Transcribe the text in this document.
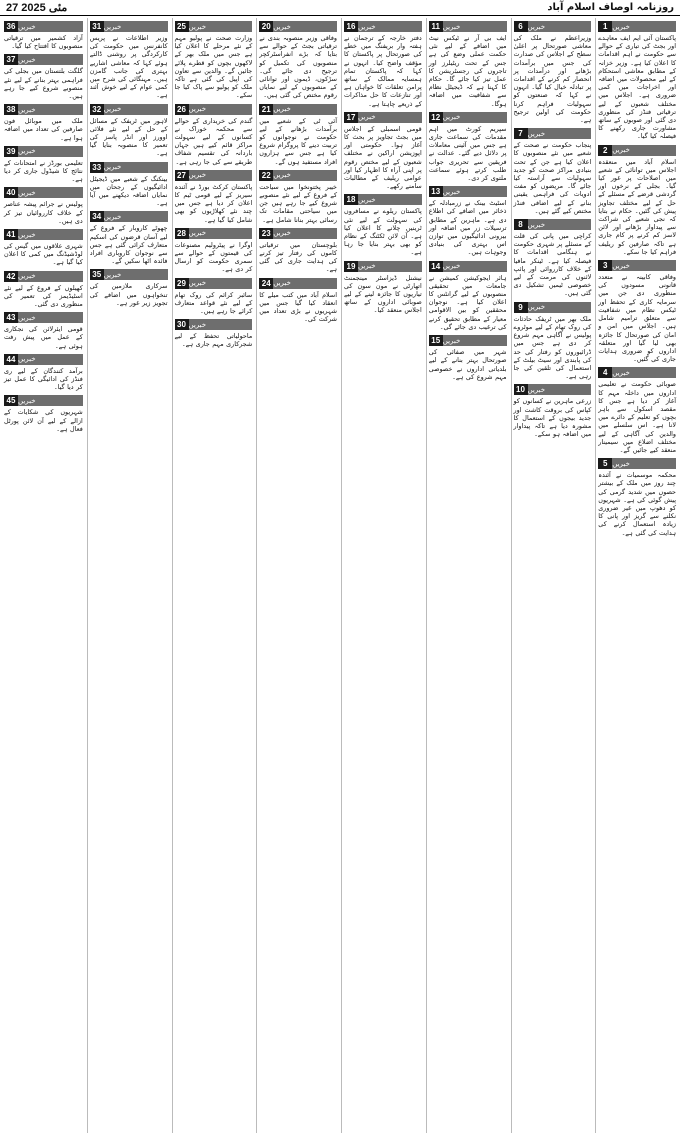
روزنامہ اوصاف اسلام آباد
27 مئی 2025
1 خبریں
پاکستان آئی ایم ایف معاہدے اور بجٹ کی تیاری کے حوالے سے حکومت نے اہم اقدامات کا اعلان کیا ہے۔ وزیر خزانہ کے مطابق معاشی استحکام کے لیے محصولات میں اضافہ اور اخراجات میں کمی ضروری ہے۔ اجلاس میں مختلف شعبوں کے لیے ترقیاتی فنڈز کی منظوری دی گئی اور صوبوں کے ساتھ مشاورت جاری رکھنے کا فیصلہ کیا گیا۔
2 خبریں
اسلام آباد میں منعقدہ اجلاس میں توانائی کے شعبے میں اصلاحات پر غور کیا گیا۔ بجلی کے نرخوں اور گردشی قرضے کے مسئلے کے حل کے لیے مختلف تجاویز پیش کی گئیں۔ حکام نے بتایا کہ نجی شعبے کی شراکت سے پیداوار بڑھانے اور لائن لاسز کم کرنے پر کام جاری ہے تاکہ صارفین کو ریلیف فراہم کیا جا سکے۔
3 خبریں
وفاقی کابینہ نے متعدد قانونی مسودوں کی منظوری دی جن میں سرمایہ کاری کے تحفظ اور ٹیکس نظام میں شفافیت سے متعلق ترامیم شامل ہیں۔ اجلاس میں امن و امان کی صورتحال کا جائزہ بھی لیا گیا اور متعلقہ اداروں کو ضروری ہدایات جاری کی گئیں۔
4 خبریں
صوبائی حکومت نے تعلیمی اداروں میں داخلہ مہم کا آغاز کر دیا ہے جس کا مقصد اسکول سے باہر بچوں کو تعلیم کے دائرے میں لانا ہے۔ اس سلسلے میں والدین کی آگاہی کے لیے مختلف اضلاع میں سیمینار منعقد کیے جائیں گے۔
5 خبریں
محکمہ موسمیات نے آئندہ چند روز میں ملک کے بیشتر حصوں میں شدید گرمی کی پیش گوئی کی ہے۔ شہریوں کو دھوپ میں غیر ضروری نکلنے سے گریز اور پانی کا زیادہ استعمال کرنے کی ہدایت کی گئی ہے۔
6 خبریں
وزیراعظم نے ملک کی معاشی صورتحال پر اعلیٰ سطح کے اجلاس کی صدارت کی جس میں برآمدات بڑھانے اور درآمدات پر انحصار کم کرنے کے اقدامات پر تبادلہ خیال کیا گیا۔ انہوں نے کہا کہ صنعتوں کو سہولیات فراہم کرنا حکومت کی اولین ترجیح ہے۔
7 خبریں
پنجاب حکومت نے صحت کے شعبے میں نئے منصوبوں کا اعلان کیا ہے جن کے تحت بنیادی مراکز صحت کو جدید سہولیات سے آراستہ کیا جائے گا۔ مریضوں کو مفت ادویات کی فراہمی یقینی بنانے کے لیے اضافی فنڈز مختص کیے گئے ہیں۔
8 خبریں
کراچی میں پانی کی قلت کے مسئلے پر شہری حکومت نے ہنگامی اقدامات کا فیصلہ کیا ہے۔ ٹینکر مافیا کے خلاف کارروائی اور پائپ لائنوں کی مرمت کے لیے خصوصی ٹیمیں تشکیل دی گئی ہیں۔
9 خبریں
ملک بھر میں ٹریفک حادثات کی روک تھام کے لیے موٹروے پولیس نے آگاہی مہم شروع کر دی ہے جس میں ڈرائیوروں کو رفتار کی حد کی پابندی اور سیٹ بیلٹ کے استعمال کی تلقین کی جا رہی ہے۔
10 خبریں
زرعی ماہرین نے کسانوں کو کپاس کی بروقت کاشت اور جدید بیجوں کے استعمال کا مشورہ دیا ہے تاکہ پیداوار میں اضافہ ہو سکے۔
11 خبریں
ایف بی آر نے ٹیکس نیٹ میں اضافے کے لیے نئی حکمت عملی وضع کی ہے جس کے تحت ریٹیلرز اور تاجروں کی رجسٹریشن کا عمل تیز کیا جائے گا۔ حکام کا کہنا ہے کہ ڈیجیٹل نظام سے شفافیت میں اضافہ ہوگا۔
12 خبریں
سپریم کورٹ میں اہم مقدمات کی سماعت جاری ہے جس میں آئینی معاملات پر دلائل دیے گئے۔ عدالت نے فریقین سے تحریری جواب طلب کرتے ہوئے سماعت ملتوی کر دی۔
13 خبریں
اسٹیٹ بینک نے زرمبادلہ کے ذخائر میں اضافے کی اطلاع دی ہے۔ ماہرین کے مطابق ترسیلات زر میں اضافہ اور بیرونی ادائیگیوں میں توازن اس بہتری کی بنیادی وجوہات ہیں۔
14 خبریں
ہائر ایجوکیشن کمیشن نے جامعات میں تحقیقی منصوبوں کے لیے گرانٹس کا اعلان کیا ہے۔ نوجوان محققین کو بین الاقوامی معیار کے مطابق تحقیق کرنے کی ترغیب دی جائے گی۔
15 خبریں
شہر میں صفائی کی صورتحال بہتر بنانے کے لیے بلدیاتی اداروں نے خصوصی مہم شروع کی ہے۔
16 خبریں
دفتر خارجہ کے ترجمان نے ہفتہ وار بریفنگ میں خطے کی صورتحال پر پاکستان کا مؤقف واضح کیا۔ انہوں نے کہا کہ پاکستان تمام ہمسایہ ممالک کے ساتھ پرامن تعلقات کا خواہاں ہے اور تنازعات کا حل مذاکرات کے ذریعے چاہتا ہے۔
17 خبریں
قومی اسمبلی کے اجلاس میں بجٹ تجاویز پر بحث کا آغاز ہوا۔ حکومتی اور اپوزیشن اراکین نے مختلف شعبوں کے لیے مختص رقوم پر اپنی آراء کا اظہار کیا اور عوامی ریلیف کے مطالبات سامنے رکھے۔
18 خبریں
پاکستان ریلوے نے مسافروں کی سہولت کے لیے نئی ٹرینیں چلانے کا اعلان کیا ہے۔ آن لائن ٹکٹنگ کے نظام کو بھی بہتر بنایا جا رہا ہے۔
19 خبریں
نیشنل ڈیزاسٹر مینجمنٹ اتھارٹی نے مون سون کی تیاریوں کا جائزہ لینے کے لیے صوبائی اداروں کے ساتھ اجلاس منعقد کیا۔
20 خبریں
وفاقی وزیر منصوبہ بندی نے ترقیاتی بجٹ کے حوالے سے بتایا کہ بڑے انفراسٹرکچر منصوبوں کی تکمیل کو ترجیح دی جائے گی۔ سڑکوں، ڈیموں اور توانائی کے منصوبوں کے لیے نمایاں رقوم مختص کی گئی ہیں۔
21 خبریں
آئی ٹی کے شعبے میں برآمدات بڑھانے کے لیے حکومت نے نوجوانوں کو تربیت دینے کا پروگرام شروع کیا ہے جس سے ہزاروں افراد مستفید ہوں گے۔
22 خبریں
خیبر پختونخوا میں سیاحت کے فروغ کے لیے نئے منصوبے شروع کیے جا رہے ہیں جن میں سیاحتی مقامات تک رسائی بہتر بنانا شامل ہے۔
23 خبریں
بلوچستان میں ترقیاتی کاموں کی رفتار تیز کرنے کی ہدایت جاری کی گئی ہے۔
24 خبریں
اسلام آباد میں کتب میلے کا انعقاد کیا گیا جس میں شہریوں نے بڑی تعداد میں شرکت کی۔
25 خبریں
وزارت صحت نے پولیو مہم کے نئے مرحلے کا اعلان کیا ہے جس میں ملک بھر کے لاکھوں بچوں کو قطرے پلائے جائیں گے۔ والدین سے تعاون کی اپیل کی گئی ہے تاکہ ملک کو پولیو سے پاک کیا جا سکے۔
26 خبریں
گندم کی خریداری کے حوالے سے محکمہ خوراک نے کسانوں کے لیے سہولت مراکز قائم کیے ہیں جہاں باردانہ کی تقسیم شفاف طریقے سے کی جا رہی ہے۔
27 خبریں
پاکستان کرکٹ بورڈ نے آئندہ سیریز کے لیے قومی ٹیم کا اعلان کر دیا ہے جس میں چند نئے کھلاڑیوں کو بھی شامل کیا گیا ہے۔
28 خبریں
اوگرا نے پیٹرولیم مصنوعات کی قیمتوں کے حوالے سے سمری حکومت کو ارسال کر دی ہے۔
29 خبریں
سائبر کرائم کی روک تھام کے لیے نئے قواعد متعارف کرائے جا رہے ہیں۔
30 خبریں
ماحولیاتی تحفظ کے لیے شجرکاری مہم جاری ہے۔
31 خبریں
وزیر اطلاعات نے پریس کانفرنس میں حکومت کی کارکردگی پر روشنی ڈالتے ہوئے کہا کہ معاشی اشاریے بہتری کی جانب گامزن ہیں۔ مہنگائی کی شرح میں کمی عوام کے لیے خوش آئند ہے۔
32 خبریں
لاہور میں ٹریفک کے مسائل کے حل کے لیے نئے فلائی اوورز اور انڈر پاسز کی تعمیر کا منصوبہ بنایا گیا ہے۔
33 خبریں
بینکنگ کے شعبے میں ڈیجیٹل ادائیگیوں کے رجحان میں نمایاں اضافہ دیکھنے میں آیا ہے۔
34 خبریں
چھوٹے کاروبار کے فروغ کے لیے آسان قرضوں کی اسکیم متعارف کرائی گئی ہے جس سے نوجوان کاروباری افراد فائدہ اٹھا سکیں گے۔
35 خبریں
سرکاری ملازمین کی تنخواہوں میں اضافے کی تجویز زیر غور ہے۔
36 خبریں
آزاد کشمیر میں ترقیاتی منصوبوں کا افتتاح کیا گیا۔
37 خبریں
گلگت بلتستان میں بجلی کی فراہمی بہتر بنانے کے لیے نئے منصوبے شروع کیے جا رہے ہیں۔
38 خبریں
ملک میں موبائل فون صارفین کی تعداد میں اضافہ ہوا ہے۔
39 خبریں
تعلیمی بورڈز نے امتحانات کے نتائج کا شیڈول جاری کر دیا ہے۔
40 خبریں
پولیس نے جرائم پیشہ عناصر کے خلاف کارروائیاں تیز کر دی ہیں۔
41 خبریں
شہری علاقوں میں گیس کی لوڈشیڈنگ میں کمی کا اعلان کیا گیا ہے۔
42 خبریں
کھیلوں کے فروغ کے لیے نئے اسٹیڈیمز کی تعمیر کی منظوری دی گئی۔
43 خبریں
قومی ایئرلائن کی نجکاری کے عمل میں پیش رفت ہوئی ہے۔
44 خبریں
برآمد کنندگان کے لیے ری فنڈز کی ادائیگی کا عمل تیز کر دیا گیا۔
45 خبریں
شہریوں کی شکایات کے ازالے کے لیے آن لائن پورٹل فعال ہے۔
